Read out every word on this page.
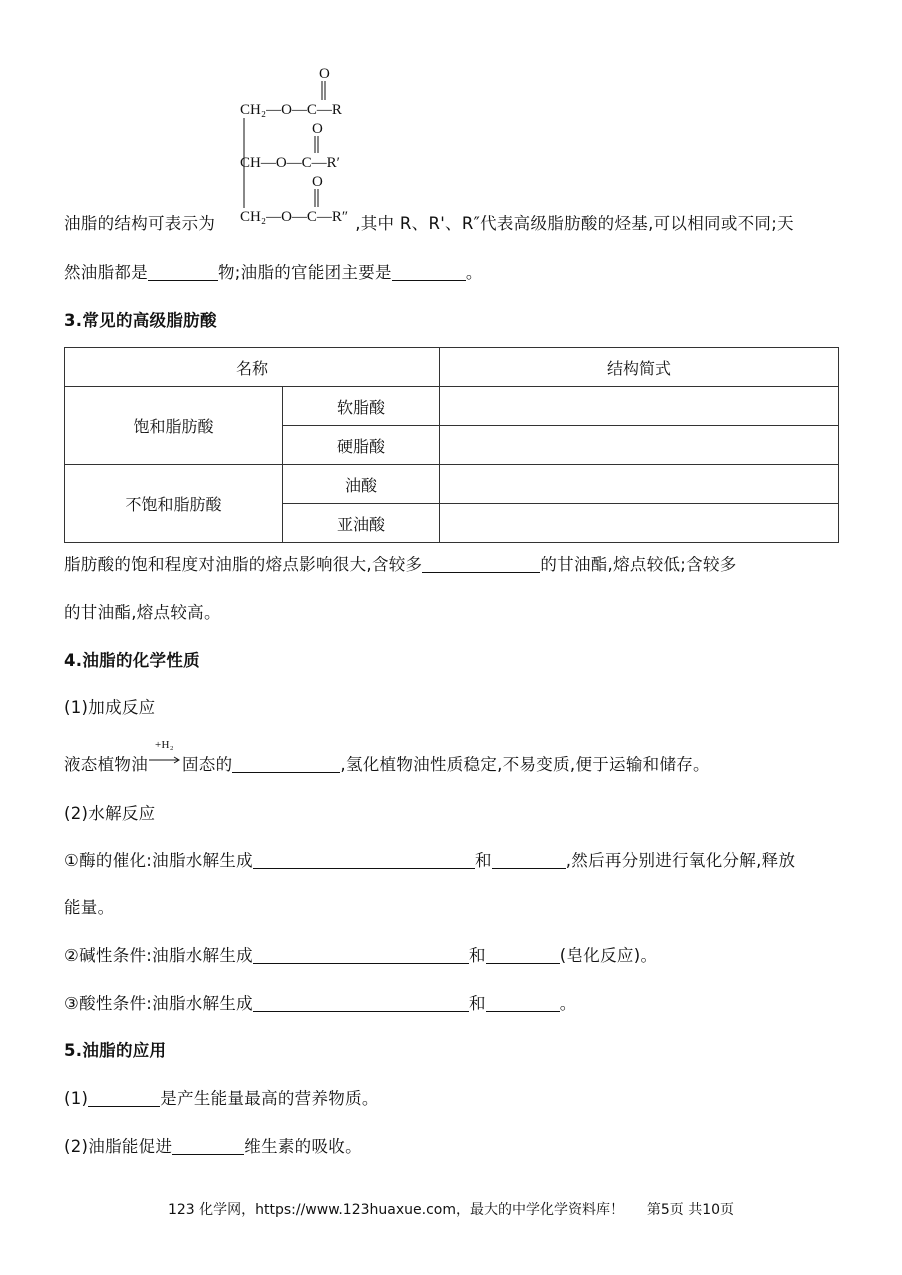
O
O
O
CH₂—O—C—R
CH—O—C—R′
CH₂—O—C—R″
油脂的结构可表示为	,其中 R、R'、R″代表高级脂肪酸的烃基,可以相同或不同;天
然油脂都是	物;油脂的官能团主要是	。
3.常见的高级脂肪酸
名称		结构简式
饱和脂肪酸	软脂酸	
	硬脂酸	
不饱和脂肪酸	油酸	
	亚油酸	
脂肪酸的饱和程度对油脂的熔点影响很大,含较多	的甘油酯,熔点较低;含较多
的甘油酯,熔点较高。
4.油脂的化学性质
(1)加成反应
液态植物油
+H₂
固态的	,氢化植物油性质稳定,不易变质,便于运输和储存。
(2)水解反应
①酶的催化:油脂水解生成	和	,然后再分别进行氧化分解,释放
能量。
②碱性条件:油脂水解生成	和	(皂化反应)。
③酸性条件:油脂水解生成	和	。
5.油脂的应用
(1)	是产生能量最高的营养物质。
(2)油脂能促进	维生素的吸收。
123 化学网，https://www.123huaxue.com，最大的中学化学资料库！ 第5页 共10页
